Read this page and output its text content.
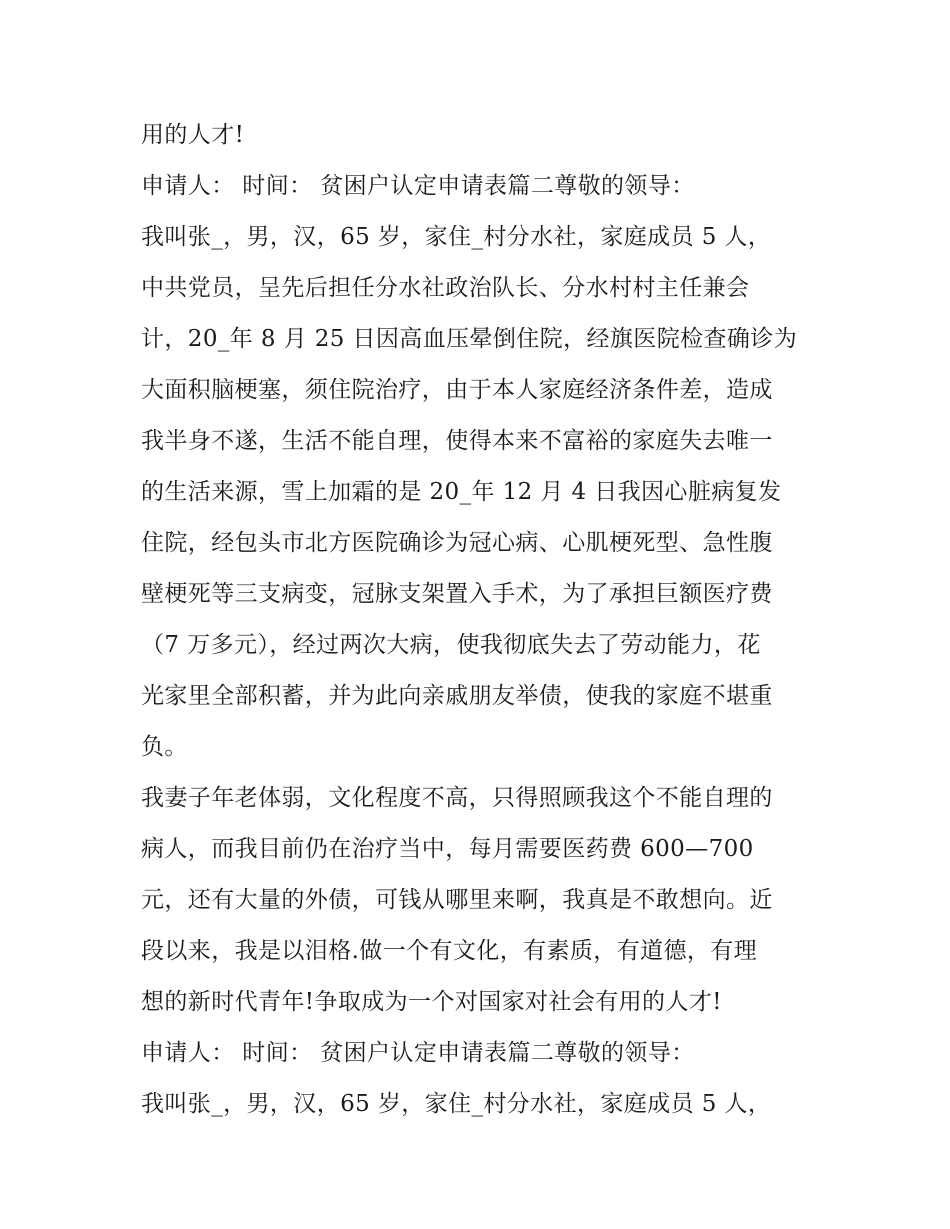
用的人才!
申请人： 时间： 贫困户认定申请表篇二尊敬的领导：
我叫张_，男，汉，65 岁，家住_村分水社，家庭成员 5 人，
中共党员，呈先后担任分水社政治队长、分水村村主任兼会
计，20_年 8 月 25 日因高血压晕倒住院，经旗医院检查确诊为
大面积脑梗塞，须住院治疗，由于本人家庭经济条件差，造成
我半身不遂，生活不能自理，使得本来不富裕的家庭失去唯一
的生活来源，雪上加霜的是 20_年 12 月 4 日我因心脏病复发
住院，经包头市北方医院确诊为冠心病、心肌梗死型、急性腹
壁梗死等三支病变，冠脉支架置入手术，为了承担巨额医疗费
（7 万多元），经过两次大病，使我彻底失去了劳动能力，花
光家里全部积蓄，并为此向亲戚朋友举债，使我的家庭不堪重
负。
我妻子年老体弱，文化程度不高，只得照顾我这个不能自理的
病人，而我目前仍在治疗当中，每月需要医药费 600—700
元，还有大量的外债，可钱从哪里来啊，我真是不敢想向。近
段以来，我是以泪格.做一个有文化，有素质，有道德，有理
想的新时代青年!争取成为一个对国家对社会有用的人才!
申请人： 时间： 贫困户认定申请表篇二尊敬的领导：
我叫张_，男，汉，65 岁，家住_村分水社，家庭成员 5 人，
